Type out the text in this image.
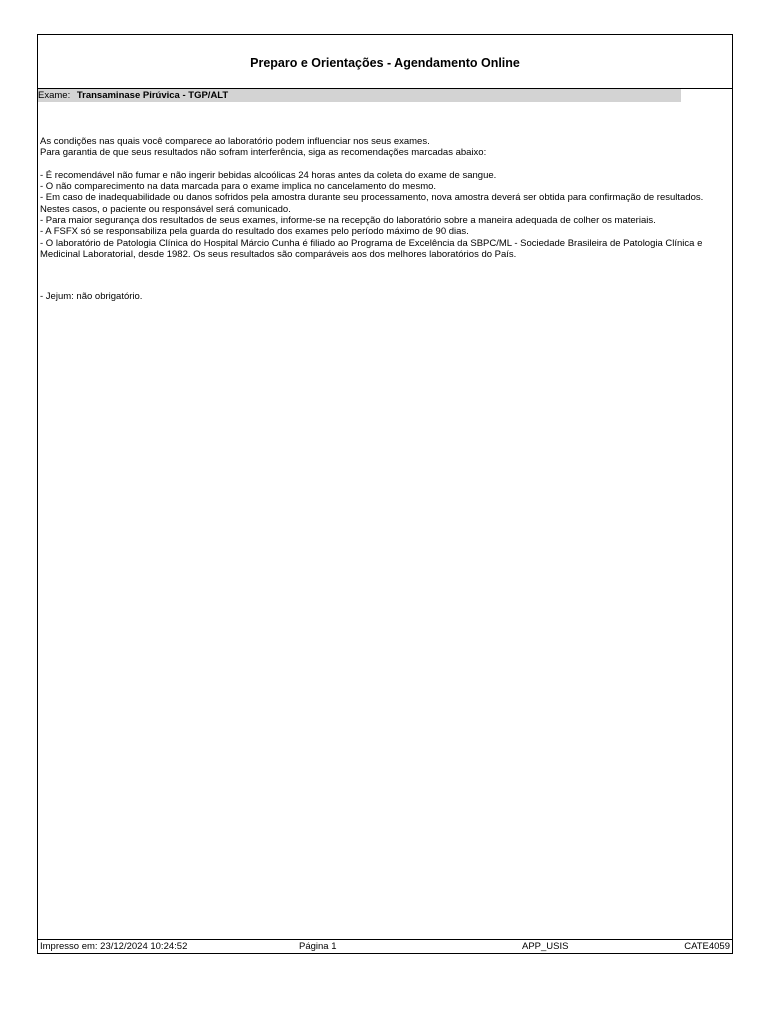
Preparo e Orientações - Agendamento Online
Exame: Transaminase Pirúvica - TGP/ALT

As condições nas quais você comparece ao laboratório podem influenciar nos seus exames.

Para garantia de que seus resultados não sofram interferência, siga as recomendações marcadas abaixo:

- É recomendável não fumar e não ingerir bebidas alcoólicas 24 horas antes da coleta do exame de sangue.

- O não comparecimento na data marcada para o exame implica no cancelamento do mesmo.

- Em caso de inadequabilidade ou danos sofridos pela amostra durante seu processamento, nova amostra deverá ser obtida para confirmação de resultados. Nestes casos, o paciente ou responsável será comunicado.

- Para maior segurança dos resultados de seus exames, informe-se na recepção do laboratório sobre a maneira adequada de colher os materiais.

- A FSFX só se responsabiliza pela guarda do resultado dos exames pelo período máximo de 90 dias.

- O laboratório de Patologia Clínica do Hospital Márcio Cunha é filiado ao Programa de Excelência da SBPC/ML - Sociedade Brasileira de Patologia Clínica e Medicinal Laboratorial, desde 1982. Os seus resultados são comparáveis aos dos melhores laboratórios do País.

- Jejum: não obrigatório.
Impresso em: 23/12/2024 10:24:52	Página 1	APP_USIS	CATE4059
